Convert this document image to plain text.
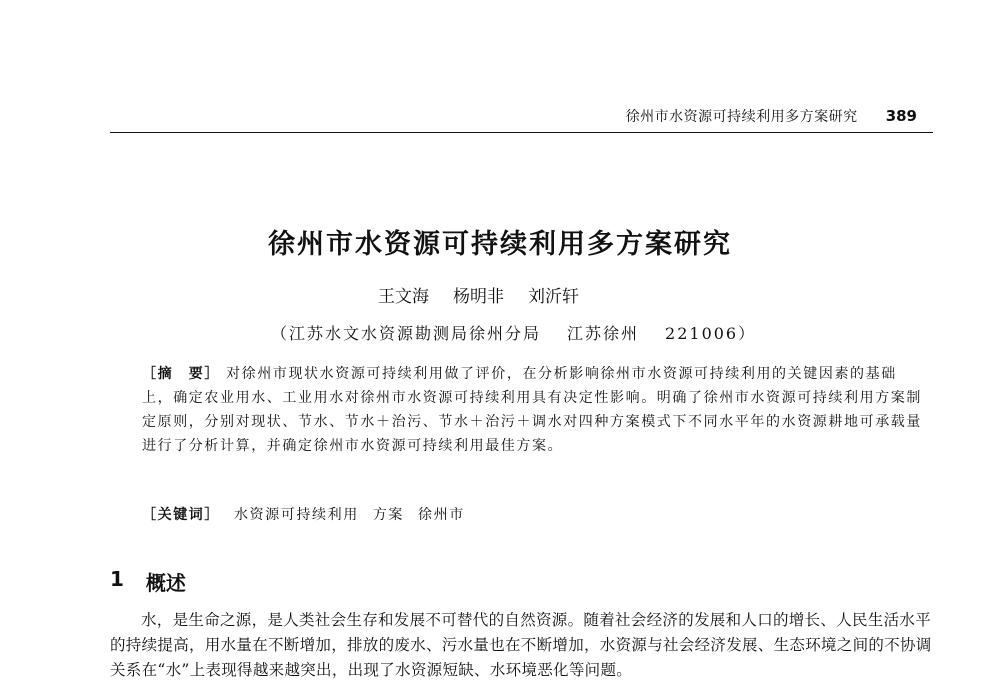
徐州市水资源可持续利用多方案研究 389
徐州市水资源可持续利用多方案研究
王文海 杨明非 刘沂轩
（江苏水文水资源勘测局徐州分局 江苏徐州 221006）
［摘　要］ 对徐州市现状水资源可持续利用做了评价，在分析影响徐州市水资源可持续利用的关键因素的基础上，确定农业用水、工业用水对徐州市水资源可持续利用具有决定性影响。明确了徐州市水资源可持续利用方案制定原则，分别对现状、节水、节水＋治污、节水＋治污＋调水对四种方案模式下不同水平年的水资源耕地可承载量进行了分析计算，并确定徐州市水资源可持续利用最佳方案。
［关键词］ 水资源可持续利用 方案 徐州市
1 概述
水，是生命之源，是人类社会生存和发展不可替代的自然资源。随着社会经济的发展和人口的增长、人民生活水平的持续提高，用水量在不断增加，排放的废水、污水量也在不断增加，水资源与社会经济发展、生态环境之间的不协调关系在“水”上表现得越来越突出，出现了水资源短缺、水环境恶化等问题。
